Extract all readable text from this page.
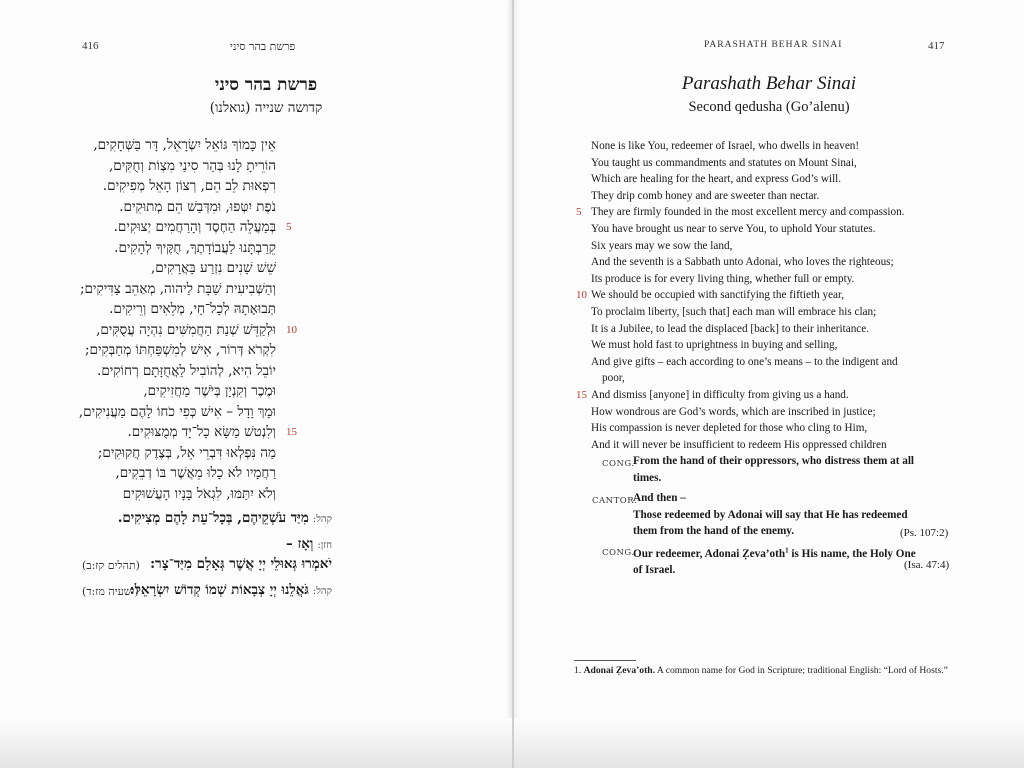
416	פרשת בהר סיני
פרשת בהר סיני
קדושה שנייה (גואלנו)
אֵין כָּמוֹךָ גּוֹאֵל יִשְׂרָאֵל, דָּר בַּשְּׁחָקִים,
הוֹרֵיתָ לָנוּ בְּהַר סִינַי מִצְוֹת וְחֻקִּים,
רִפְאוּת לֵב הֵם, רְצוֹן הָאֵל מְפִיקִים.
נֹפֶת יִטְּפוּ, וּמִדְּבַשׁ הֵם מְתוּקִים.
בְּמַעֲלֵה הַחֶסֶד וְהָרַחֲמִים יְצוּקִים. 5
קֵרַבְתָּנוּ לַעֲבוֹדָתֶךָ, חֻקֶּיךָ לְהָקִים.
שֵׁשׁ שָׁנִים נִזְרַע בָּאֲרָקִים,
וְהַשְּׁבִיעִית שַׁבָּת לַיהוה, מְאַהֵב צַדִּיקִים;
תְּבוּאָתָהּ לְכָל־חַי, מְלֵאִים וְרֵיקִים.
וּלְקַדֵּשׁ שְׁנַת הַחֲמִשִּׁים נִהְיָה עֲסֻקִּים, 10
לִקְרֹא דְּרוֹר, אִישׁ לְמִשְׁפַּחְתּוֹ מְחַבְּקִים;
יוֹבֵל הִיא, לְהוֹבִיל לַאֲחֻזָּתָם רְחוֹקִים.
וּמֶכֶר וְקִנְיָן בְּיֹשֶׁר מַחֲזִיקִים,
וּמָךְ וָדָל – אִישׁ כְּפִי כֹחוֹ לָהֶם מַעֲנִיקִים,
וְלִנְטשׁ מַשָּׂא כָל־יָד מְמֻצּוּקִים. 15
מַה נִּפְלְאוּ דִּבְרֵי אֵל, בְּצֶדֶק חֲקוּקִים;
רַחֲמָיו לֹא כָלוּ מֵאֲשֶׁר בּוֹ דְבֵקִים,
וְלֹא יִתַּמּוּ, לִגְאֹל בָּנָיו הָעֲשׁוּקִים
קהל:מִיַּד עֹשְׁקֵיהֶם, בְּכָל־עֵת לָהֶם מְצִיקִים.
חזן:וְאָז –
יֹאמְרוּ גְּאוּלֵי יְיָ אֲשֶׁר גְּאָלָם מִיַּד־צָר:
(תהלים קז:ב)
קהל:גֹּאֲלֵנוּ יְיָ צְבָאוֹת שְׁמוֹ קְדוֹשׁ יִשְׂרָאֵל:
(ישעיה מז:ד)
PARASHATH BEHAR SINAI	417
Parashath Behar Sinai
Second qedusha (Go’alenu)
None is like You, redeemer of Israel, who dwells in heaven!
You taught us commandments and statutes on Mount Sinai,
Which are healing for the heart, and express God’s will.
They drip comb honey and are sweeter than nectar.
5 They are firmly founded in the most excellent mercy and compassion.
You have brought us near to serve You, to uphold Your statutes.
Six years may we sow the land,
And the seventh is a Sabbath unto Adonai, who loves the righteous;
Its produce is for every living thing, whether full or empty.
10 We should be occupied with sanctifying the fiftieth year,
To proclaim liberty, [such that] each man will embrace his clan;
It is a Jubilee, to lead the displaced [back] to their inheritance.
We must hold fast to uprightness in buying and selling,
And give gifts – each according to one’s means – to the indigent and
poor,
15 And dismiss [anyone] in difficulty from giving us a hand.
How wondrous are God’s words, which are inscribed in justice;
His compassion is never depleted for those who cling to Him,
And it will never be insufficient to redeem His oppressed children
CONG.
From the hand of their oppressors, who distress them at all
times.
CANTOR.
And then –
Those redeemed by Adonai will say that He has redeemed
them from the hand of the enemy.	(Ps. 107:2)
CONG.
Our redeemer, Adonai Ẓeva’oth$^1$ is His name, the Holy One
of Israel.	(Isa. 47:4)
1. Adonai Ẓeva’oth. A common name for God in Scripture; traditional English: “Lord of Hosts.”
